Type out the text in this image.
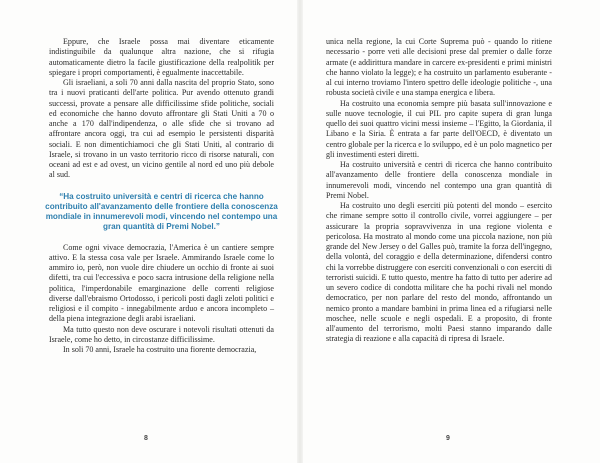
Eppure, che Israele possa mai diventare eticamente indistinguibile da qualunque altra nazione, che si rifugia automaticamente dietro la facile giustificazione della realpolitik per spiegare i propri comportamenti, è egualmente inaccettabile.

Gli israeliani, a soli 70 anni dalla nascita del proprio Stato, sono tra i nuovi praticanti dell'arte politica. Pur avendo ottenuto grandi successi, provate a pensare alle difficilissime sfide politiche, sociali ed economiche che hanno dovuto affrontare gli Stati Uniti a 70 o anche a 170 dall'indipendenza, o alle sfide che si trovano ad affrontare ancora oggi, tra cui ad esempio le persistenti disparità sociali. E non dimentichiamoci che gli Stati Uniti, al contrario di Israele, si trovano in un vasto territorio ricco di risorse naturali, con oceani ad est e ad ovest, un vicino gentile al nord ed uno più debole al sud.

“Ha costruito università e centri di ricerca che hanno contribuito all'avanzamento delle frontiere della conoscenza mondiale in innumerevoli modi, vincendo nel contempo una gran quantità di Premi Nobel.”

Come ogni vivace democrazia, l'America è un cantiere sempre attivo. E la stessa cosa vale per Israele. Ammirando Israele come lo ammiro io, però, non vuole dire chiudere un occhio di fronte ai suoi difetti, tra cui l'eccessiva e poco sacra intrusione della religione nella politica, l'imperdonabile emarginazione delle correnti religiose diverse dall'ebraismo Ortodosso, i pericoli posti dagli zeloti politici e religiosi e il compito - innegabilmente arduo e ancora incompleto – della piena integrazione degli arabi israeliani.

Ma tutto questo non deve oscurare i notevoli risultati ottenuti da Israele, come ho detto, in circostanze difficilissime.

In soli 70 anni, Israele ha costruito una fiorente democrazia,

unica nella regione, la cui Corte Suprema può - quando lo ritiene necessario - porre veti alle decisioni prese dal premier o dalle forze armate (e addirittura mandare in carcere ex-presidenti e primi ministri che hanno violato la legge); e ha costruito un parlamento esuberante - al cui interno troviamo l'intero spettro delle ideologie politiche -, una robusta società civile e una stampa energica e libera.

Ha costruito una economia sempre più basata sull'innovazione e sulle nuove tecnologie, il cui PIL pro capite supera di gran lunga quello dei suoi quattro vicini messi insieme – l'Egitto, la Giordania, il Libano e la Siria. È entrata a far parte dell'OECD, è diventato un centro globale per la ricerca e lo sviluppo, ed è un polo magnetico per gli investimenti esteri diretti.

Ha costruito università e centri di ricerca che hanno contribuito all'avanzamento delle frontiere della conoscenza mondiale in innumerevoli modi, vincendo nel contempo una gran quantità di Premi Nobel.

Ha costruito uno degli eserciti più potenti del mondo – esercito che rimane sempre sotto il controllo civile, vorrei aggiungere – per assicurare la propria sopravvivenza in una regione violenta e pericolosa. Ha mostrato al mondo come una piccola nazione, non più grande del New Jersey o del Galles può, tramite la forza dell'ingegno, della volontà, del coraggio e della determinazione, difendersi contro chi la vorrebbe distruggere con eserciti convenzionali o con eserciti di terroristi suicidi. E tutto questo, mentre ha fatto di tutto per aderire ad un severo codice di condotta militare che ha pochi rivali nel mondo democratico, per non parlare del resto del mondo, affrontando un nemico pronto a mandare bambini in prima linea ed a rifugiarsi nelle moschee, nelle scuole e negli ospedali. E a proposito, di fronte all'aumento del terrorismo, molti Paesi stanno imparando dalle strategia di reazione e alla capacità di ripresa di Israele.

8	9
